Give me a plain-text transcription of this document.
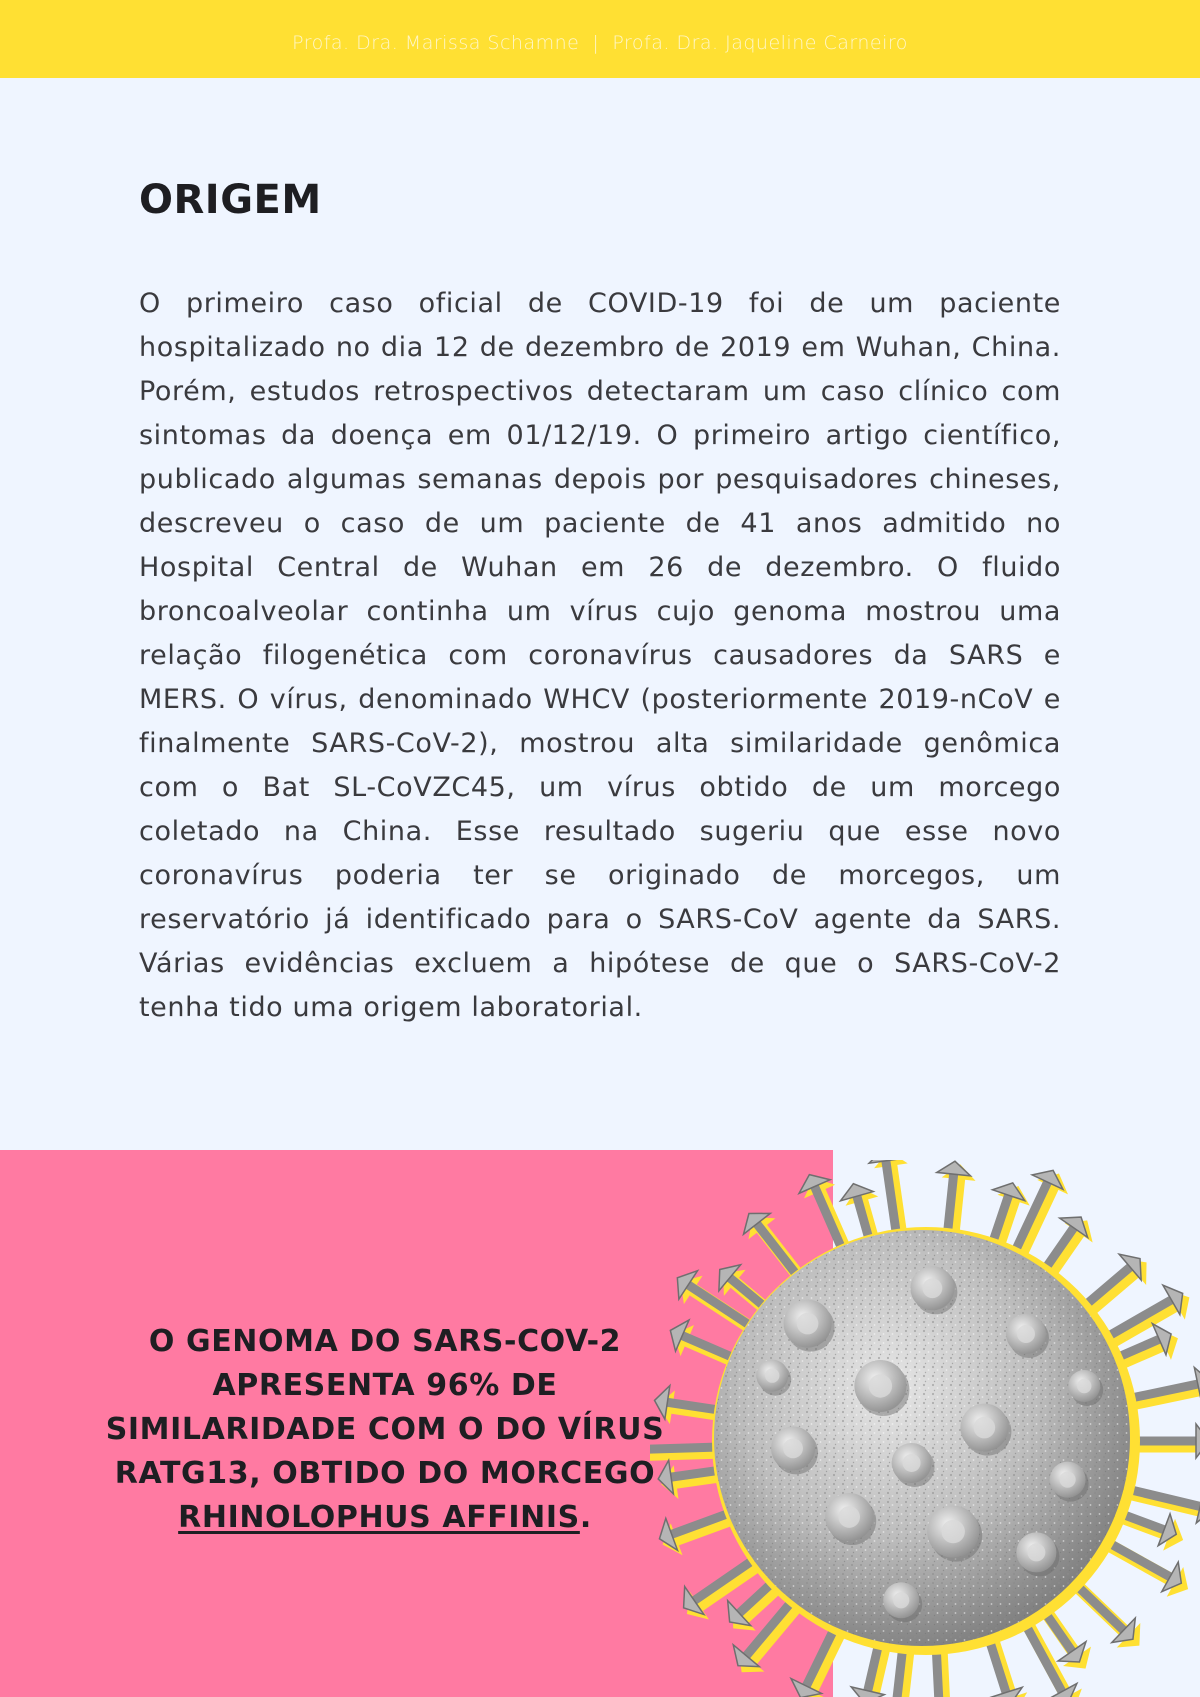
Profa. Dra. Marissa Schamne  |  Profa. Dra. Jaqueline Carneiro
ORIGEM

O primeiro caso oficial de COVID-19 foi de um paciente hospitalizado no dia 12 de dezembro de 2019 em Wuhan, China. Porém, estudos retrospectivos detectaram um caso clínico com sintomas da doença em 01/12/19. O primeiro artigo científico, publicado algumas semanas depois por pesquisadores chineses, descreveu o caso de um paciente de 41 anos admitido no Hospital Central de Wuhan em 26 de dezembro. O fluido broncoalveolar continha um vírus cujo genoma mostrou uma relação filogenética com coronavírus causadores da SARS e MERS. O vírus, denominado WHCV (posteriormente 2019-nCoV e finalmente SARS-CoV-2), mostrou alta similaridade genômica com o Bat SL-CoVZC45, um vírus obtido de um morcego coletado na China. Esse resultado sugeriu que esse novo coronavírus poderia ter se originado de morcegos, um reservatório já identificado para o SARS-CoV agente da SARS. Várias evidências excluem a hipótese de que o SARS-CoV-2 tenha tido uma origem laboratorial.

O GENOMA DO SARS-COV-2 APRESENTA 96% DE SIMILARIDADE COM O DO VÍRUS RATG13, OBTIDO DO MORCEGO RHINOLOPHUS AFFINIS.
